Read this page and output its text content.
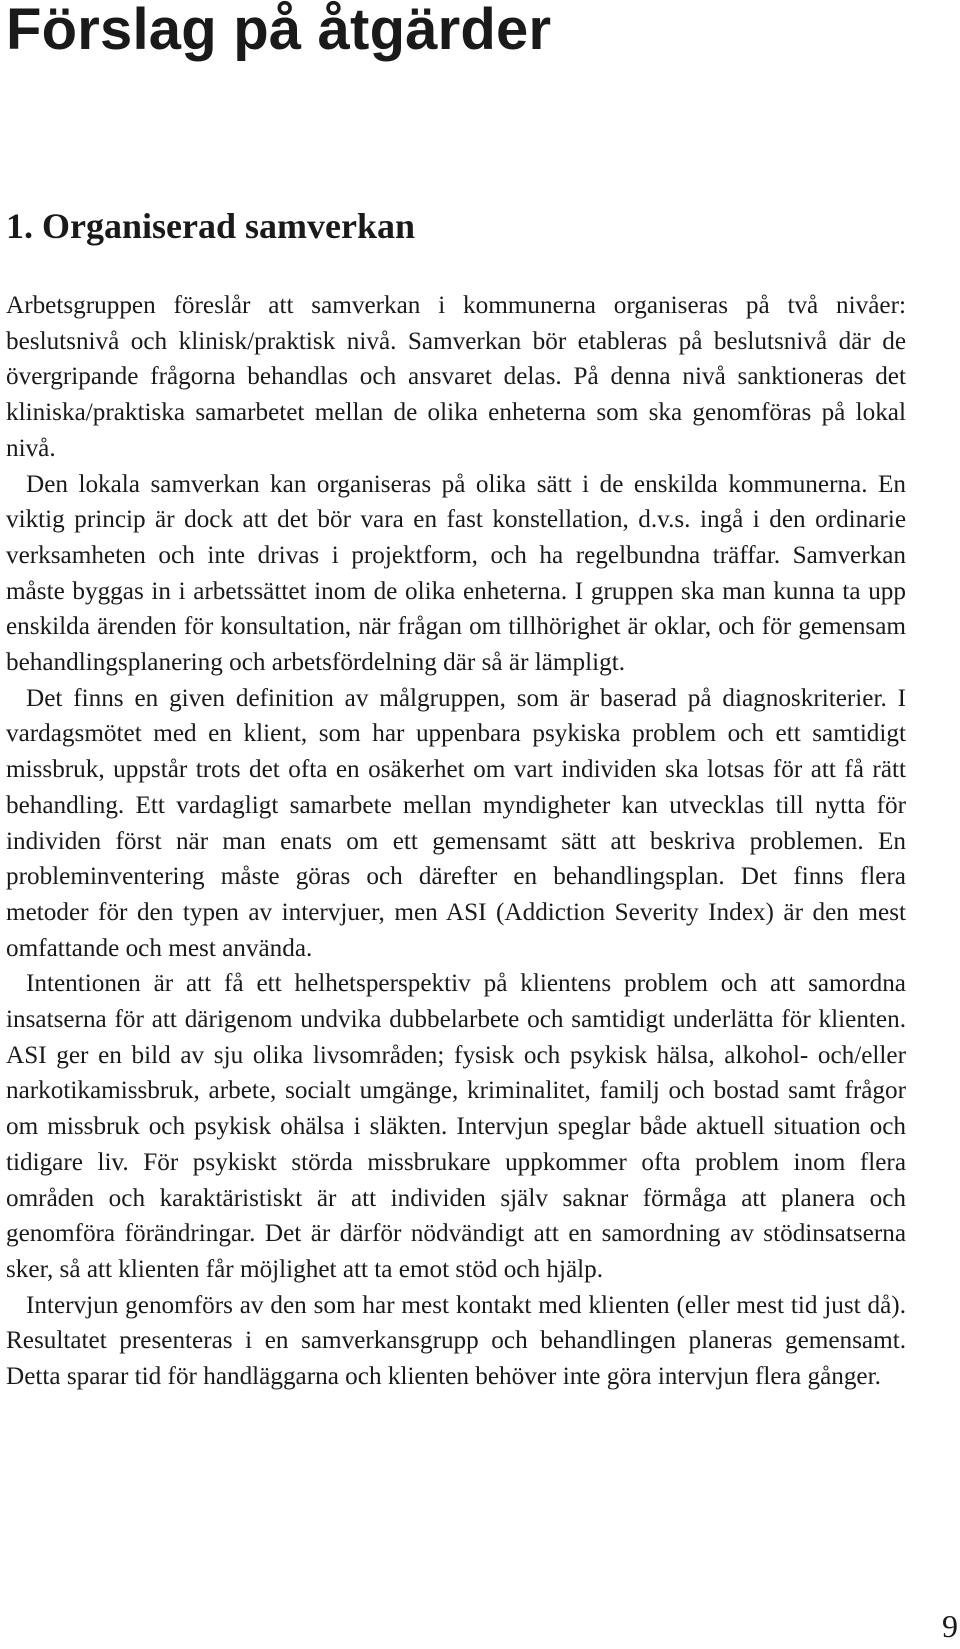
Förslag på åtgärder
1. Organiserad samverkan

Arbetsgruppen föreslår att samverkan i kommunerna organiseras på två nivåer: beslutsnivå och klinisk/praktisk nivå. Samverkan bör etableras på beslutsnivå där de övergripande frågorna behandlas och ansvaret delas. På denna nivå sanktioneras det kliniska/praktiska samarbetet mellan de olika enheterna som ska genomföras på lokal nivå.

Den lokala samverkan kan organiseras på olika sätt i de enskilda kommunerna. En viktig princip är dock att det bör vara en fast konstellation, d.v.s. ingå i den ordinarie verksamheten och inte drivas i projektform, och ha regelbundna träffar. Samverkan måste byggas in i arbetssättet inom de olika enheterna. I gruppen ska man kunna ta upp enskilda ärenden för konsultation, när frågan om tillhörighet är oklar, och för gemensam behandlingsplanering och arbetsfördelning där så är lämpligt.

Det finns en given definition av målgruppen, som är baserad på diagnoskriterier. I vardagsmötet med en klient, som har uppenbara psykiska problem och ett samtidigt missbruk, uppstår trots det ofta en osäkerhet om vart individen ska lotsas för att få rätt behandling. Ett vardagligt samarbete mellan myndigheter kan utvecklas till nytta för individen först när man enats om ett gemensamt sätt att beskriva problemen. En probleminventering måste göras och därefter en behandlingsplan. Det finns flera metoder för den typen av intervjuer, men ASI (Addiction Severity Index) är den mest omfattande och mest använda.

Intentionen är att få ett helhetsperspektiv på klientens problem och att samordna insatserna för att därigenom undvika dubbelarbete och samtidigt underlätta för klienten. ASI ger en bild av sju olika livsområden; fysisk och psykisk hälsa, alkohol- och/eller narkotikamissbruk, arbete, socialt umgänge, kriminalitet, familj och bostad samt frågor om missbruk och psykisk ohälsa i släkten. Intervjun speglar både aktuell situation och tidigare liv. För psykiskt störda missbrukare uppkommer ofta problem inom flera områden och karaktäristiskt är att individen själv saknar förmåga att planera och genomföra förändringar. Det är därför nödvändigt att en samordning av stödinsatserna sker, så att klienten får möjlighet att ta emot stöd och hjälp.

Intervjun genomförs av den som har mest kontakt med klienten (eller mest tid just då). Resultatet presenteras i en samverkansgrupp och behandlingen planeras gemensamt. Detta sparar tid för handläggarna och klienten behöver inte göra intervjun flera gånger.

9
